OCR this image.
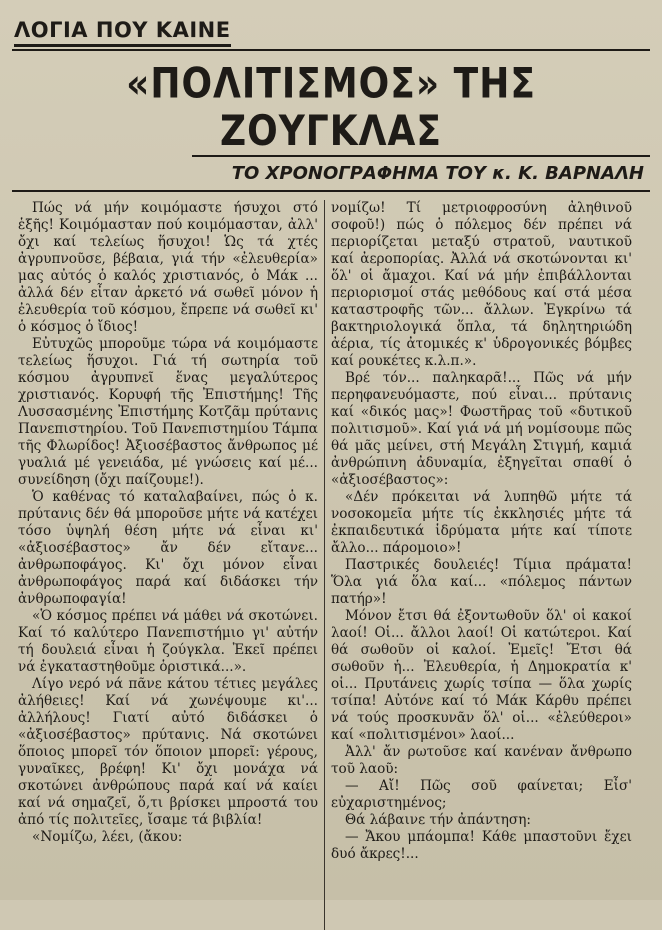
ΛΟΓΙΑ ΠΟΥ ΚΑΙΝΕ
«ΠΟΛΙΤΙΣΜΟΣ» ΤΗΣ ΖΟΥΓΚΛΑΣ
ΤΟ ΧΡΟΝΟΓΡΑΦΗΜΑ ΤΟΥ κ. Κ. ΒΑΡΝΑΛΗ

Πώς νά μήν κοιμόμαστε ήσυχοι στό ἑξῆς! Κοιμόμασταν πού κοιμόμασταν, ἀλλ' ὄχι καί τελείως ἥσυχοι! Ὡς τά χτές ἀγρυπνοῦσε, βέβαια, γιά τήν «ἐλευθερία» μας αὐτός ὁ καλός χριστιανός, ὁ Μάκ ... ἀλλά δέν εἶταν ἀρκετό νά σωθεῖ μόνον ἡ ἐλευθερία τοῦ κόσμου, ἔπρεπε νά σωθεῖ κι' ὁ κόσμος ὁ ἴδιος!

Εὐτυχῶς μποροῦμε τώρα νά κοιμόμαστε τελείως ἥσυχοι. Γιά τή σωτηρία τοῦ κόσμου ἀγρυπνεῖ ἕνας μεγαλύτερος χριστιανός. Κορυφή τῆς Ἐπιστήμης! Τῆς Λυσσασμένης Ἐπιστήμης Κοτζᾶμ πρύτανις Πανεπιστηρίου. Τοῦ Πανεπιστημίου Τάμπα τῆς Φλωρίδος! Ἀξιοσέβαστος ἄνθρωπος μέ γυαλιά μέ γενειάδα, μέ γνώσεις καί μέ... συνείδηση (ὄχι παίζουμε!).

Ὁ καθένας τό καταλαβαίνει, πώς ὁ κ. πρύτανις δέν θά μποροῦσε μήτε νά κατέχει τόσο ὑψηλή θέση μήτε νά εἶναι κι' «ἀξιοσέβαστος» ἄν δέν εἴτανε... ἀνθρωποφάγος. Κι' ὄχι μόνον εἶναι ἀνθρωποφάγος παρά καί διδάσκει τήν ἀνθρωποφαγία!

«Ὁ κόσμος πρέπει νά μάθει νά σκοτώνει. Καί τό καλύτερο Πανεπιστήμιο γι' αὐτήν τή δουλειά εἶναι ἡ ζούγκλα. Ἐκεῖ πρέπει νά ἐγκαταστηθοῦμε ὁριστικά...».

Λίγο νερό νά πᾶνε κάτου τέτιες μεγάλες ἀλήθειες! Καί νά χωνέψουμε κι'... ἀλλήλους! Γιατί αὐτό διδάσκει ὁ «ἀξιοσέβαστος» πρύτανις. Νά σκοτώνει ὅποιος μπορεῖ τόν ὅποιον μπορεῖ: γέρους, γυναῖκες, βρέφη! Κι' ὄχι μονάχα νά σκοτώνει ἀνθρώπους παρά καί νά καίει καί νά σημαζεῖ, ὅ,τι βρίσκει μπροστά του ἀπό τίς πολιτεῖες, ἴσαμε τά βιβλία!

«Νομίζω, λέει, (ἄκου:

νομίζω! Τί μετριοφροσύνη ἀληθινοῦ σοφοῦ!) πώς ὁ πόλεμος δέν πρέπει νά περιορίζεται μεταξύ στρατοῦ, ναυτικοῦ καί ἀεροπορίας. Ἀλλά νά σκοτώνονται κι' ὅλ' οἱ ἄμαχοι. Καί νά μήν ἐπιβάλλονται περιορισμοί στάς μεθόδους καί στά μέσα καταστροφῆς τῶν... ἄλλων. Ἐγκρίνω τά βακτηριολογικά ὅπλα, τά δηλητηριώδη ἀέρια, τίς ἀτομικές κ' ὑδρογονικές βόμβες καί ρουκέτες κ.λ.π.».

Βρέ τόν... παληκαρᾶ!... Πῶς νά μήν περηφανευόμαστε, πού εἶναι... πρύτανις καί «δικός μας»! Φωστῆρας τοῦ «δυτικοῦ πολιτισμοῦ». Καί γιά νά μή νομίσουμε πῶς θά μᾶς μείνει, στή Μεγάλη Στιγμή, καμιά ἀνθρώπινη ἀδυναμία, ἐξηγεῖται σπαθί ὁ «ἀξιοσέβαστος»:

«Δέν πρόκειται νά λυπηθῶ μήτε τά νοσοκομεῖα μήτε τίς ἐκκλησιές μήτε τά ἐκπαιδευτικά ἱδρύματα μήτε καί τίποτε ἄλλο... πάρομοιο»!

Παστρικές δουλειές! Τίμια πράματα! Ὅλα γιά ὅλα καί... «πόλεμος πάντων πατήρ»!

Μόνον ἔτσι θά ἐξοντωθοῦν ὅλ' οἱ κακοί λαοί! Οἱ... ἄλλοι λαοί! Οἱ κατώτεροι. Καί θά σωθοῦν οἱ καλοί. Ἐμεῖς! Ἔτσι θά σωθοῦν ἡ... Ἐλευθερία, ἡ Δημοκρατία κ' οἱ... Πρυτάνεις χωρίς τσίπα — ὅλα χωρίς τσίπα! Αὐτόνε καί τό Μάκ Κάρθυ πρέπει νά τούς προσκυνᾶν ὅλ' οἱ... «ἐλεύθεροι» καί «πολιτισμένοι» λαοί...

Ἀλλ' ἄν ρωτοῦσε καί κανέναν ἄνθρωπο τοῦ λαοῦ:

— Αἴ! Πῶς σοῦ φαίνεται; Εἶσ' εὐχαριστημένος;

Θά λάβαινε τήν ἀπάντηση:

— Ἄκου μπάομπα! Κάθε μπαστοῦνι ἔχει δυό ἄκρες!...
